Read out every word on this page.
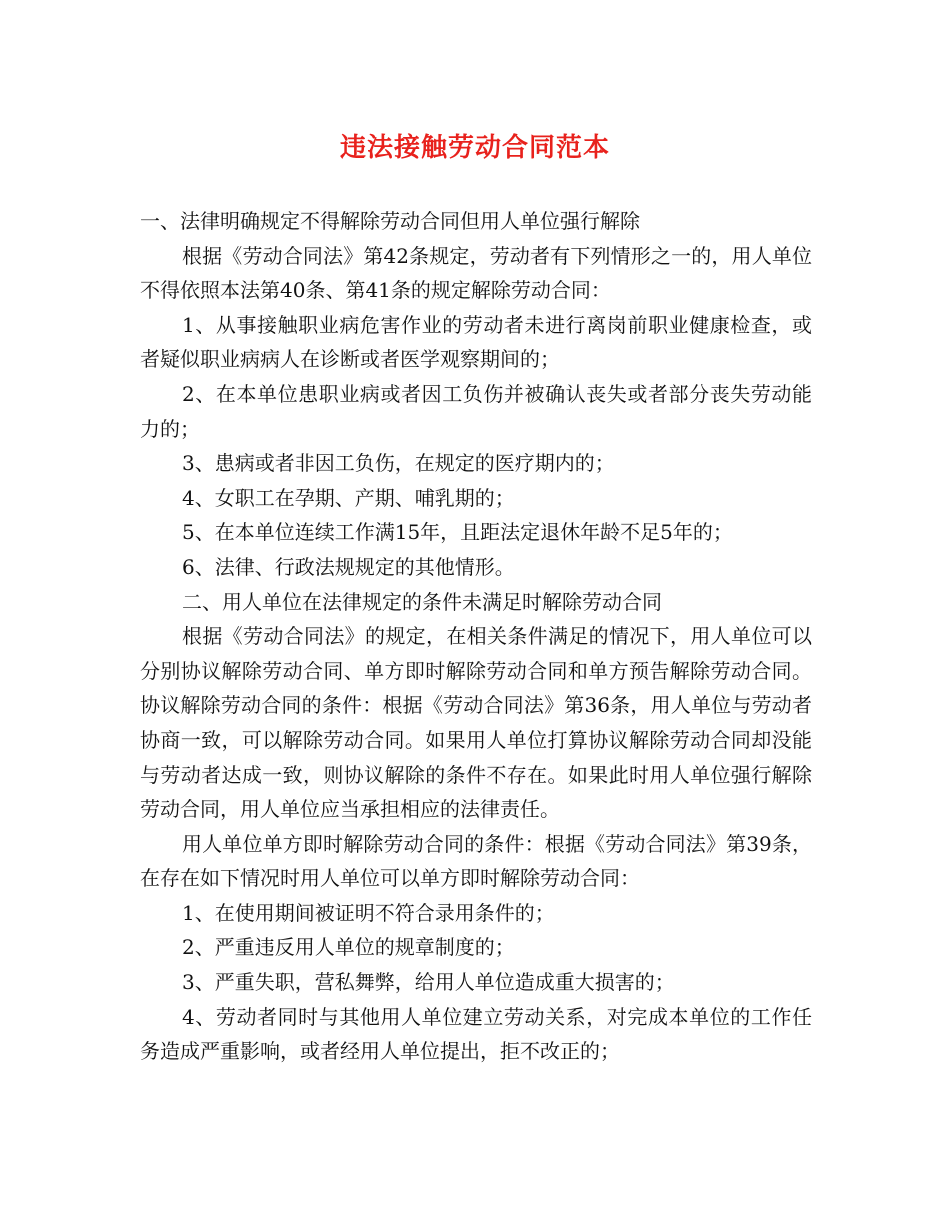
违法接触劳动合同范本

一、法律明确规定不得解除劳动合同但用人单位强行解除

根据《劳动合同法》第42条规定，劳动者有下列情形之一的，用人单位不得依照本法第40条、第41条的规定解除劳动合同：

1、从事接触职业病危害作业的劳动者未进行离岗前职业健康检查，或者疑似职业病病人在诊断或者医学观察期间的；

2、在本单位患职业病或者因工负伤并被确认丧失或者部分丧失劳动能力的；

3、患病或者非因工负伤，在规定的医疗期内的；

4、女职工在孕期、产期、哺乳期的；

5、在本单位连续工作满15年，且距法定退休年龄不足5年的；

6、法律、行政法规规定的其他情形。

二、用人单位在法律规定的条件未满足时解除劳动合同

根据《劳动合同法》的规定，在相关条件满足的情况下，用人单位可以分别协议解除劳动合同、单方即时解除劳动合同和单方预告解除劳动合同。 协议解除劳动合同的条件：根据《劳动合同法》第36条，用人单位与劳动者协商一致，可以解除劳动合同。如果用人单位打算协议解除劳动合同却没能与劳动者达成一致，则协议解除的条件不存在。如果此时用人单位强行解除劳动合同，用人单位应当承担相应的法律责任。

用人单位单方即时解除劳动合同的条件：根据《劳动合同法》第39条，在存在如下情况时用人单位可以单方即时解除劳动合同：

1、在使用期间被证明不符合录用条件的；

2、严重违反用人单位的规章制度的；

3、严重失职，营私舞弊，给用人单位造成重大损害的；

4、劳动者同时与其他用人单位建立劳动关系，对完成本单位的工作任务造成严重影响，或者经用人单位提出，拒不改正的；
